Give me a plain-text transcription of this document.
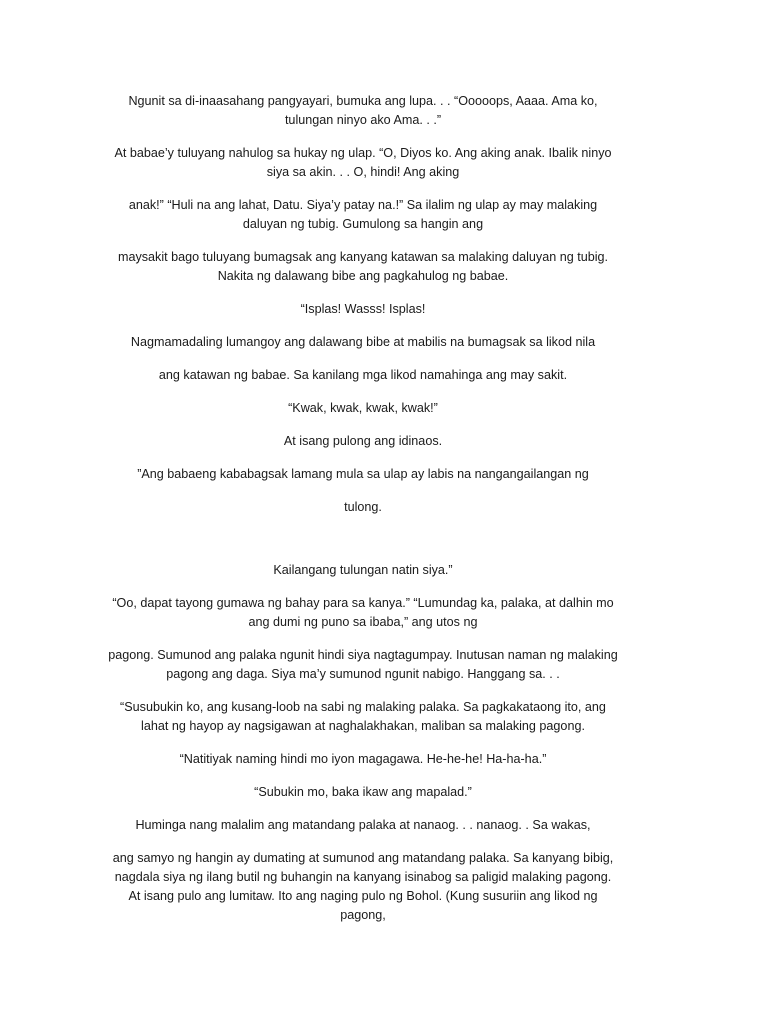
Ngunit sa di-inaasahang pangyayari, bumuka ang lupa. . . “Ooooops, Aaaa. Ama ko, tulungan ninyo ako Ama. . .”

At babae’y tuluyang nahulog sa hukay ng ulap. “O, Diyos ko. Ang aking anak. Ibalik ninyo siya sa akin. . . O, hindi! Ang aking

anak!” “Huli na ang lahat, Datu. Siya’y patay na.!” Sa ilalim ng ulap ay may malaking daluyan ng tubig. Gumulong sa hangin ang

maysakit bago tuluyang bumagsak ang kanyang katawan sa malaking daluyan ng tubig. Nakita ng dalawang bibe ang pagkahulog ng babae.

“Isplas! Wasss! Isplas!

Nagmamadaling lumangoy ang dalawang bibe at mabilis na bumagsak sa likod nila

ang katawan ng babae. Sa kanilang mga likod namahinga ang may sakit.

“Kwak, kwak, kwak, kwak!”

At isang pulong ang idinaos.

”Ang babaeng kababagsak lamang mula sa ulap ay labis na nangangailangan ng

tulong.

Kailangang tulungan natin siya.”

“Oo, dapat tayong gumawa ng bahay para sa kanya.” “Lumundag ka, palaka, at dalhin mo ang dumi ng puno sa ibaba,” ang utos ng

pagong. Sumunod ang palaka ngunit hindi siya nagtagumpay. Inutusan naman ng malaking pagong ang daga. Siya ma’y sumunod ngunit nabigo. Hanggang sa. . .

“Susubukin ko, ang kusang-loob na sabi ng malaking palaka. Sa pagkakataong ito, ang lahat ng hayop ay nagsigawan at naghalakhakan, maliban sa malaking pagong.

“Natitiyak naming hindi mo iyon magagawa. He-he-he! Ha-ha-ha.”

“Subukin mo, baka ikaw ang mapalad.”

Huminga nang malalim ang matandang palaka at nanaog. . . nanaog. . Sa wakas,

ang samyo ng hangin ay dumating at sumunod ang matandang palaka. Sa kanyang bibig, nagdala siya ng ilang butil ng buhangin na kanyang isinabog sa paligid malaking pagong. At isang pulo ang lumitaw. Ito ang naging pulo ng Bohol. (Kung susuriin ang likod ng pagong,
